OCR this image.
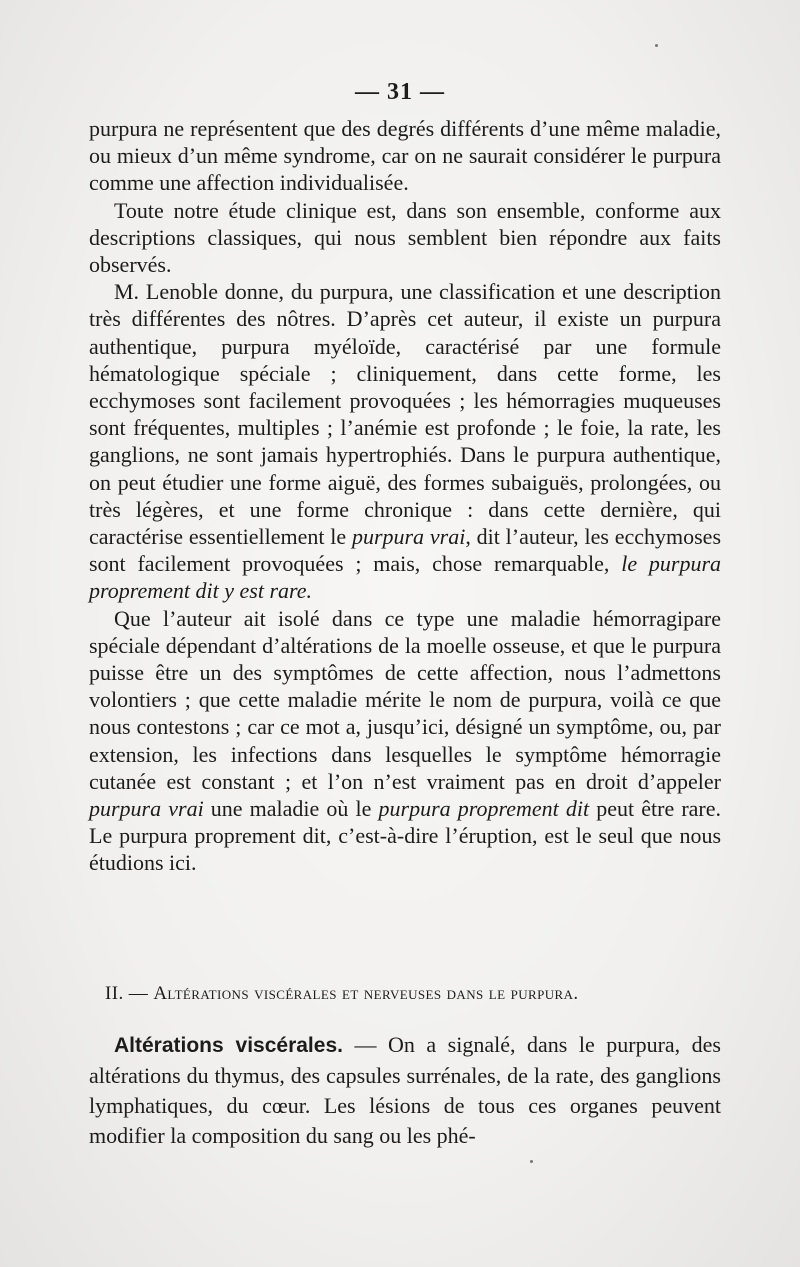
— 31 —

purpura ne représentent que des degrés différents d’une même maladie, ou mieux d’un même syndrome, car on ne saurait considérer le purpura comme une affection individualisée.

Toute notre étude clinique est, dans son ensemble, conforme aux descriptions classiques, qui nous semblent bien répondre aux faits observés.

M. Lenoble donne, du purpura, une classification et une description très différentes des nôtres. D’après cet auteur, il existe un purpura authentique, purpura myéloïde, caractérisé par une formule hématologique spéciale ; cliniquement, dans cette forme, les ecchymoses sont facilement provoquées ; les hémorragies muqueuses sont fréquentes, multiples ; l’anémie est profonde ; le foie, la rate, les ganglions, ne sont jamais hypertrophiés. Dans le purpura authentique, on peut étudier une forme aiguë, des formes subaiguës, prolongées, ou très légères, et une forme chronique : dans cette dernière, qui caractérise essentiellement le purpura vrai, dit l’auteur, les ecchymoses sont facilement provoquées ; mais, chose remarquable, le purpura proprement dit y est rare.

Que l’auteur ait isolé dans ce type une maladie hémorragipare spéciale dépendant d’altérations de la moelle osseuse, et que le purpura puisse être un des symptômes de cette affection, nous l’admettons volontiers ; que cette maladie mérite le nom de purpura, voilà ce que nous contestons ; car ce mot a, jusqu’ici, désigné un symptôme, ou, par extension, les infections dans lesquelles le symptôme hémorragie cutanée est constant ; et l’on n’est vraiment pas en droit d’appeler purpura vrai une maladie où le purpura proprement dit peut être rare. Le purpura proprement dit, c’est-à-dire l’éruption, est le seul que nous étudions ici.

II. — Altérations viscérales et nerveuses dans le purpura.
Altérations viscérales. — On a signalé, dans le purpura, des altérations du thymus, des capsules surrénales, de la rate, des ganglions lymphatiques, du cœur. Les lésions de tous ces organes peuvent modifier la composition du sang ou les phé-
